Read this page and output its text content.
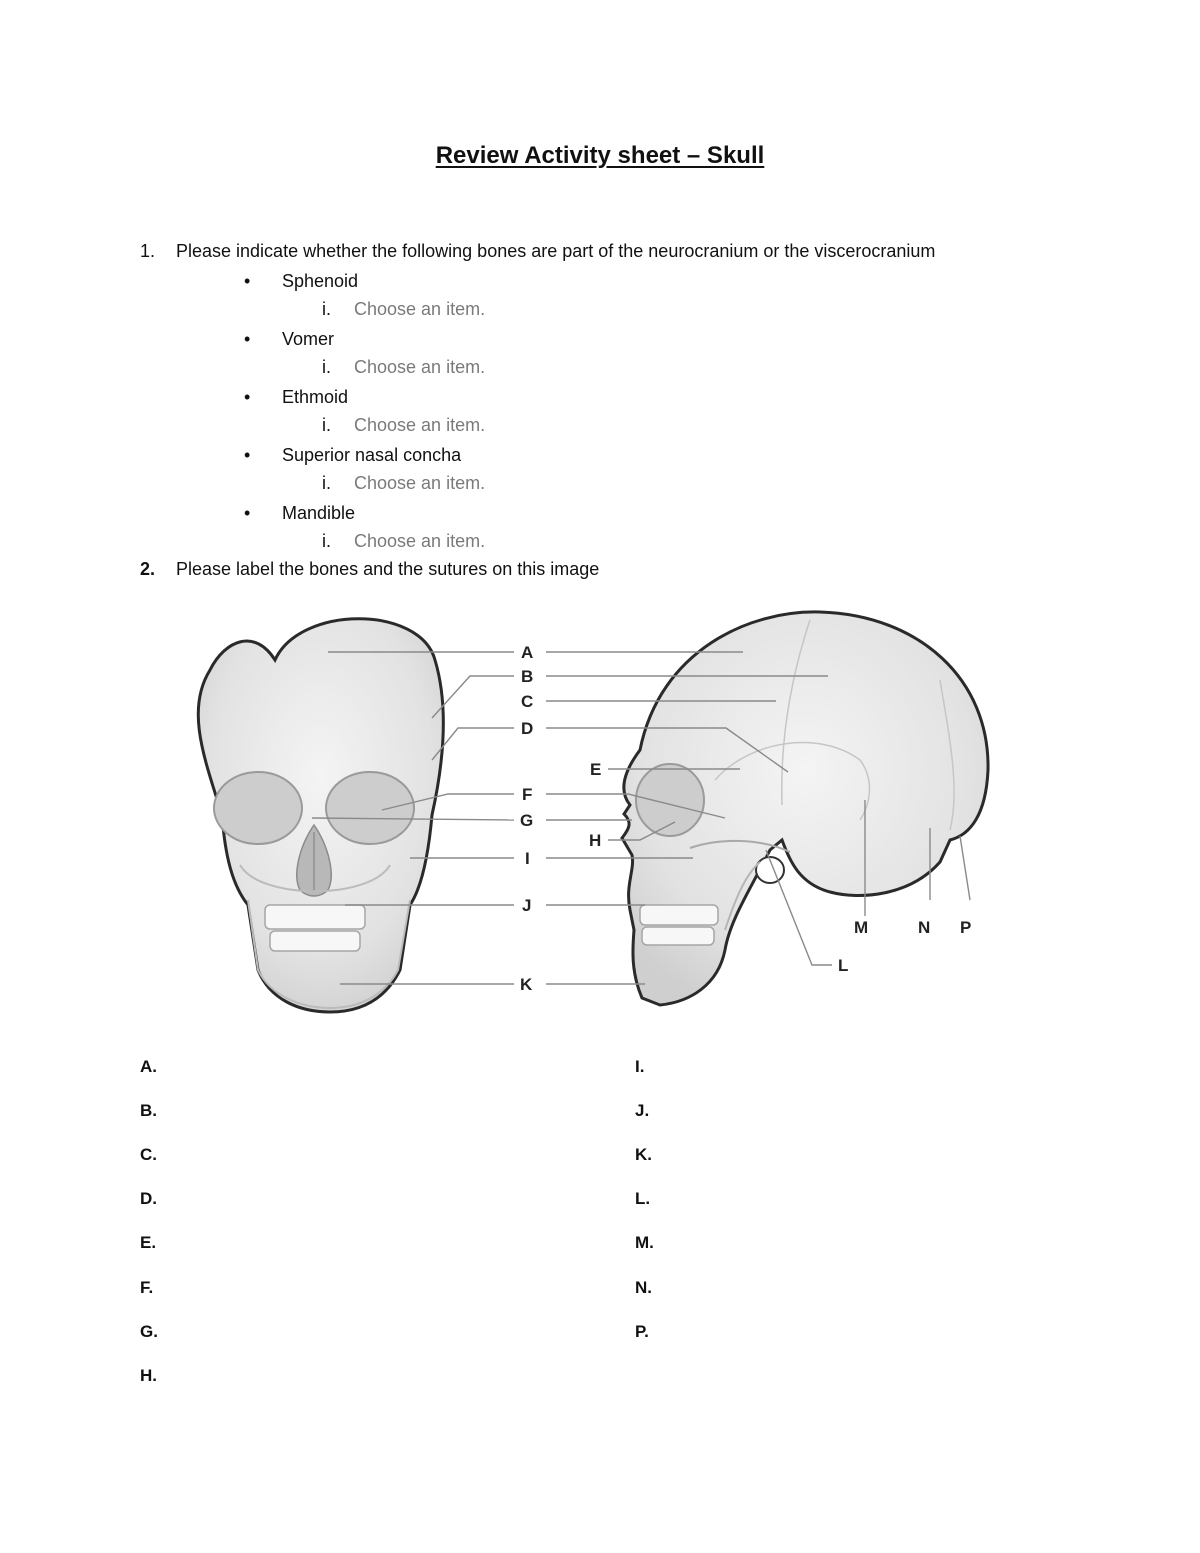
Review Activity sheet – Skull
1. Please indicate whether the following bones are part of the neurocranium or the viscerocranium
• Sphenoid
i. Choose an item.
• Vomer
i. Choose an item.
• Ethmoid
i. Choose an item.
• Superior nasal concha
i. Choose an item.
• Mandible
i. Choose an item.
2. Please label the bones and the sutures on this image
A
B
C
D
E
F
G
H
I
J
K
L
M	N P
A.
B.
C.
D.
E.
F.
G.
H.
I.
J.
K.
L.
M.
N.
P.
